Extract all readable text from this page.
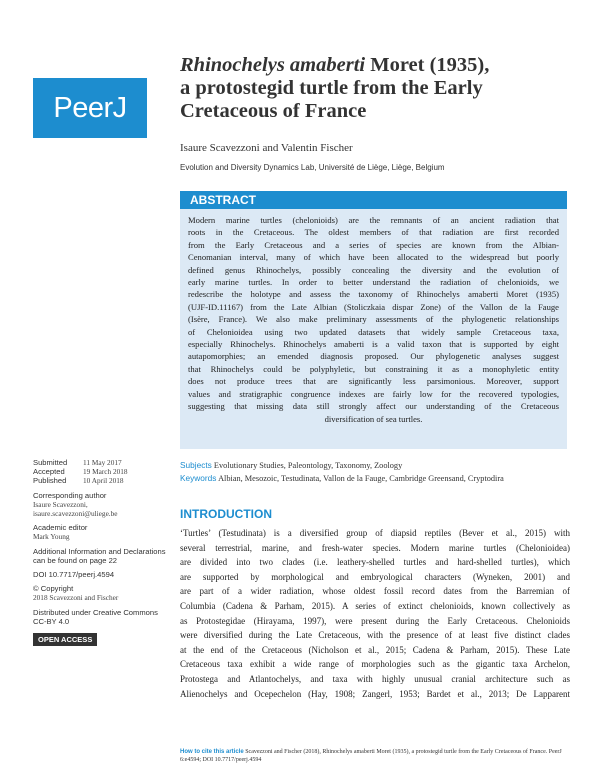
PeerJ
Rhinochelys amaberti Moret (1935),
a protostegid turtle from the Early
Cretaceous of France
Isaure Scavezzoni and Valentin Fischer
Evolution and Diversity Dynamics Lab, Université de Liège, Liège, Belgium
ABSTRACT
Modern marine turtles (chelonioids) are the remnants of an ancient radiation that
roots in the Cretaceous. The oldest members of that radiation are first recorded
from the Early Cretaceous and a series of species are known from the Albian-
Cenomanian interval, many of which have been allocated to the widespread but poorly
defined genus Rhinochelys, possibly concealing the diversity and the evolution of
early marine turtles. In order to better understand the radiation of chelonioids, we
redescribe the holotype and assess the taxonomy of Rhinochelys amaberti Moret (1935)
(UJF-ID.11167) from the Late Albian (Stoliczkaia dispar Zone) of the Vallon de la Fauge
(Isère, France). We also make preliminary assessments of the phylogenetic relationships
of Chelonioidea using two updated datasets that widely sample Cretaceous taxa,
especially Rhinochelys. Rhinochelys amaberti is a valid taxon that is supported by eight
autapomorphies; an emended diagnosis proposed. Our phylogenetic analyses suggest
that Rhinochelys could be polyphyletic, but constraining it as a monophyletic entity
does not produce trees that are significantly less parsimonious. Moreover, support
values and stratigraphic congruence indexes are fairly low for the recovered typologies,
suggesting that missing data still strongly affect our understanding of the Cretaceous
diversification of sea turtles.
Subjects Evolutionary Studies, Paleontology, Taxonomy, Zoology
Keywords Albian, Mesozoic, Testudinata, Vallon de la Fauge, Cambridge Greensand, Cryptodira
Submitted	11 May 2017
Accepted	19 March 2018
Published	10 April 2018
Corresponding author
Isaure Scavezzoni,
isaure.scavezzoni@uliege.be
Academic editor
Mark Young
Additional Information and Declarations can be found on page 22
DOI 10.7717/peerj.4594
© Copyright
2018 Scavezzoni and Fischer
Distributed under Creative Commons CC-BY 4.0
OPEN ACCESS
INTRODUCTION
‘Turtles’ (Testudinata) is a diversified group of diapsid reptiles (Bever et al., 2015) with
several terrestrial, marine, and fresh-water species. Modern marine turtles (Chelonioidea)
are divided into two clades (i.e. leathery-shelled turtles and hard-shelled turtles), which
are supported by morphological and embryological characters (Wyneken, 2001) and
are part of a wider radiation, whose oldest fossil record dates from the Barremian of
Columbia (Cadena & Parham, 2015). A series of extinct chelonioids, known collectively as
as Protostegidae (Hirayama, 1997), were present during the Early Cretaceous. Chelonioids
were diversified during the Late Cretaceous, with the presence of at least five distinct clades
at the end of the Cretaceous (Nicholson et al., 2015; Cadena & Parham, 2015). These Late
Cretaceous taxa exhibit a wide range of morphologies such as the gigantic taxa Archelon,
Protostega and Atlantochelys, and taxa with highly unusual cranial architecture such as
Alienochelys and Ocepechelon (Hay, 1908; Zangerl, 1953; Bardet et al., 2013; De Lapparent
How to cite this article Scavezzoni and Fischer (2018), Rhinochelys amaberti Moret (1935), a protostegid turtle from the Early Cretaceous of France. PeerJ 6:e4594; DOI 10.7717/peerj.4594
